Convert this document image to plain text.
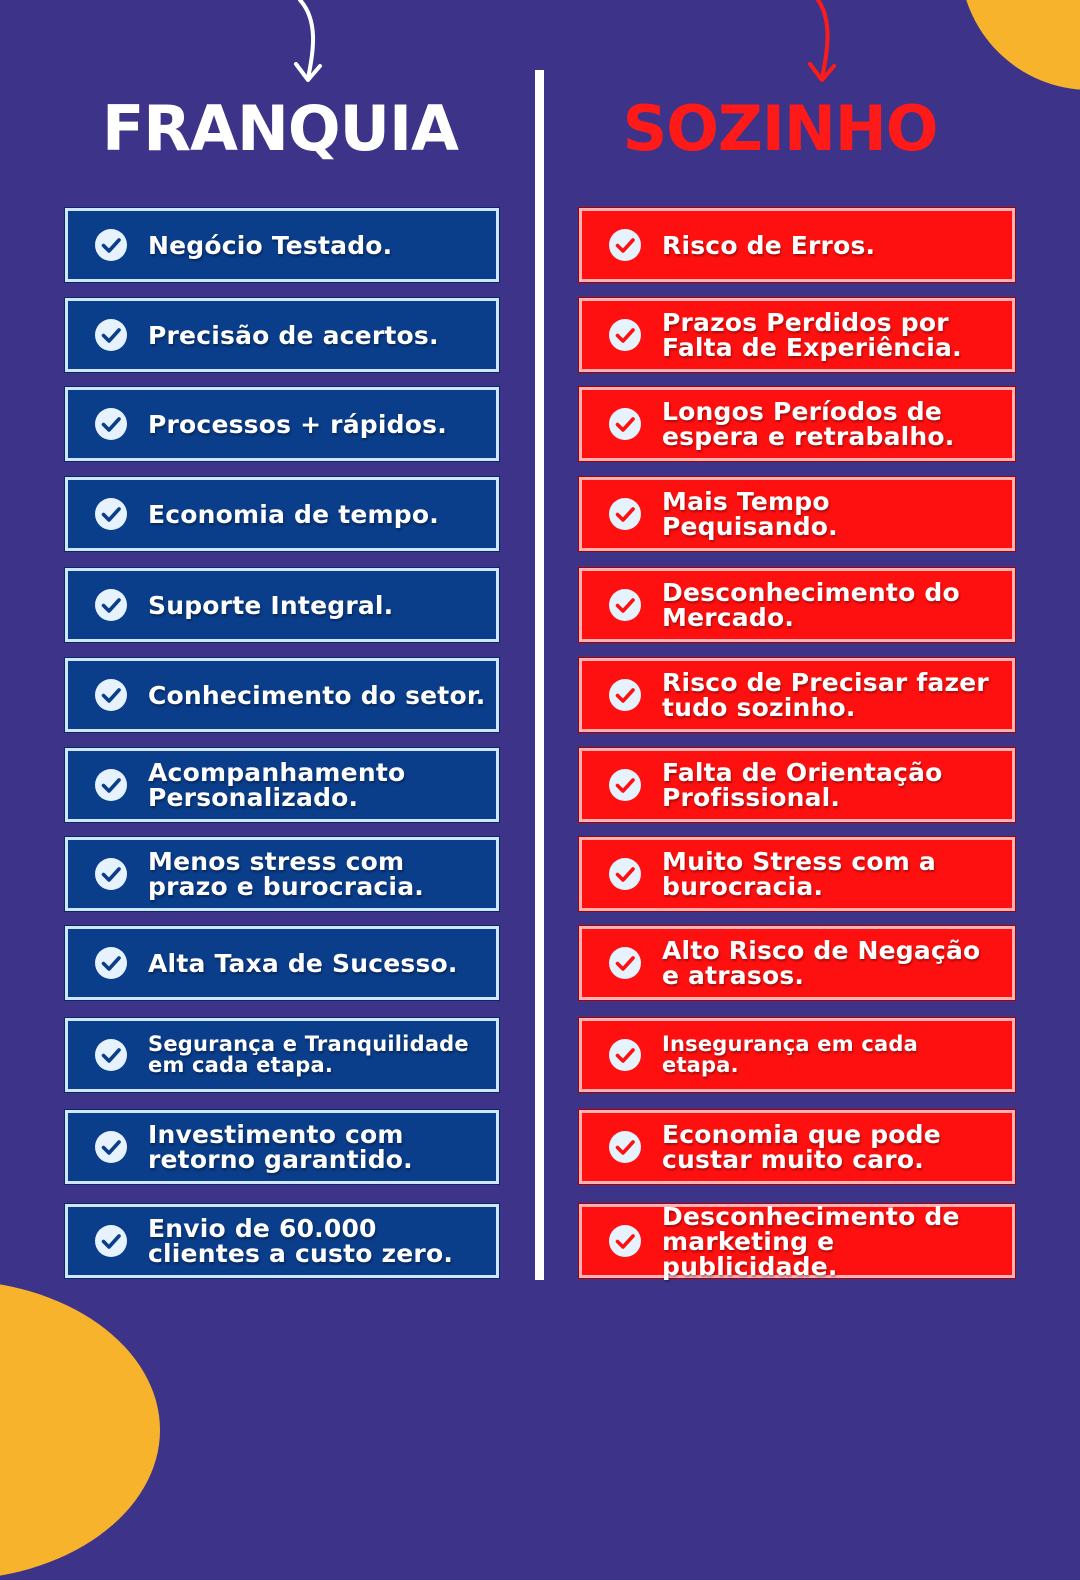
FRANQUIA	SOZINHO
Negócio Testado.
Precisão de acertos.
Processos + rápidos.
Economia de tempo.
Suporte Integral.
Conhecimento do setor.
Acompanhamento Personalizado.
Menos stress com prazo e burocracia.
Alta Taxa de Sucesso.
Segurança e Tranquilidade em cada etapa.
Investimento com retorno garantido.
Envio de 60.000 clientes a custo zero.
Risco de Erros.
Prazos Perdidos por Falta de Experiência.
Longos Períodos de espera e retrabalho.
Mais Tempo Pequisando.
Desconhecimento do Mercado.
Risco de Precisar fazer tudo sozinho.
Falta de Orientação Profissional.
Muito Stress com a burocracia.
Alto Risco de Negação e atrasos.
Insegurança em cada etapa.
Economia que pode custar muito caro.
Desconhecimento de marketing e publicidade.
